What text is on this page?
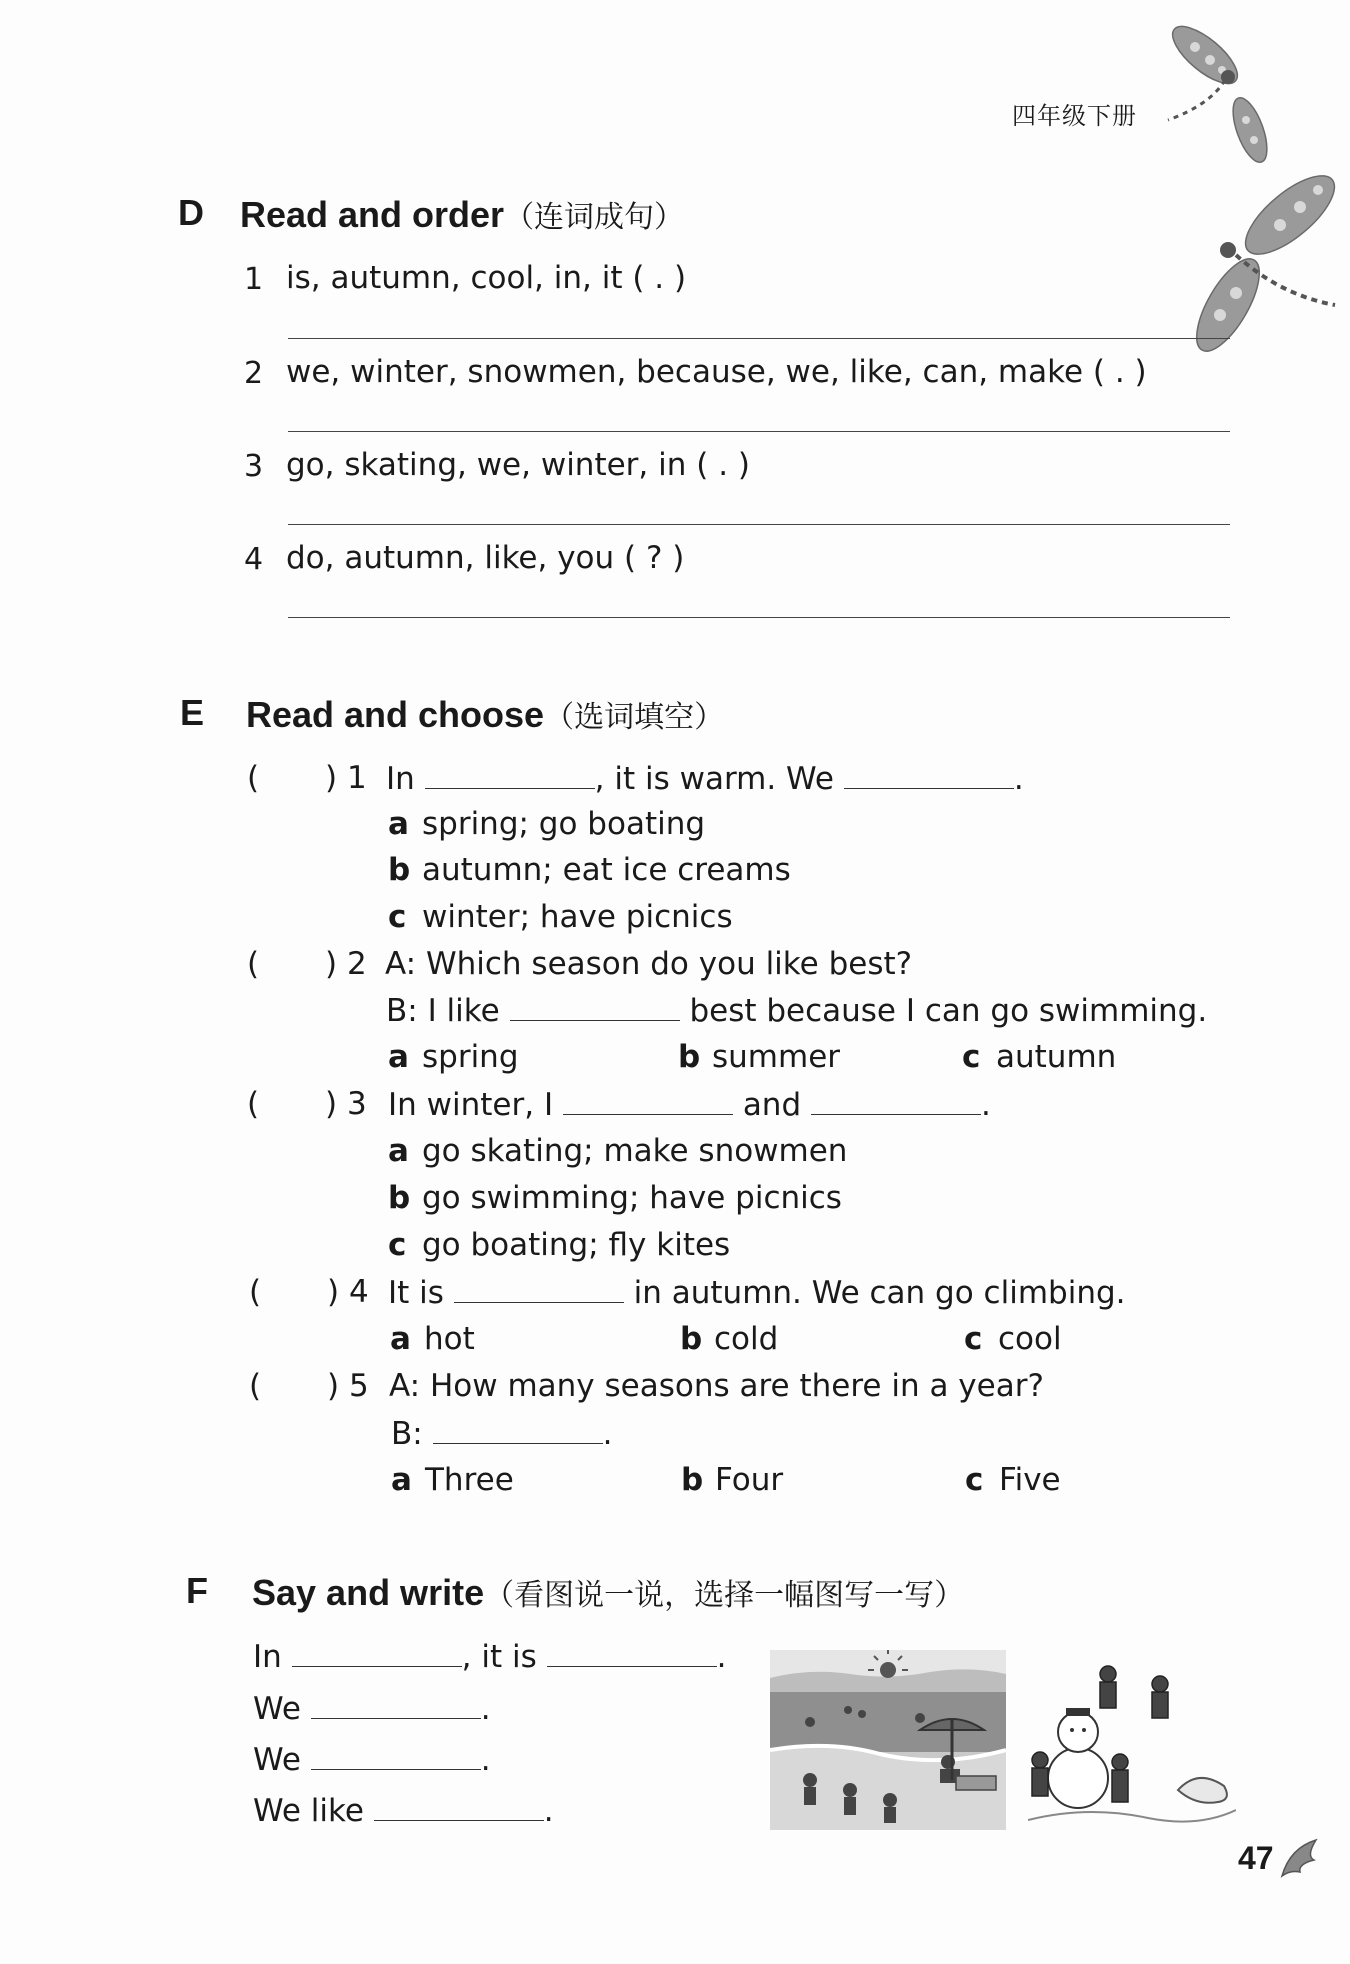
四年级下册
D Read and order（连词成句）
1 is, autumn, cool, in, it ( . )
2 we, winter, snowmen, because, we, like, can, make ( . )
3 go, skating, we, winter, in ( . )
4 do, autumn, like, you ( ? )
E Read and choose（选词填空）
( ) 1 In	, it is warm. We	.
a spring; go boating
b autumn; eat ice creams
c winter; have picnics
( ) 2 A: Which season do you like best?
B: I like	best because I can go swimming.
a spring	b summer	c autumn
( ) 3 In winter, I	and	.
a go skating; make snowmen
b go swimming; have picnics
c go boating; fly kites
( ) 4 It is	in autumn. We can go climbing.
a hot	b cold	c cool
( ) 5 A: How many seasons are there in a year?
B:	.
a Three	b Four	c Five
F Say and write（看图说一说，选择一幅图写一写）
In	, it is	.
We	.
We	.
We like	.
47
